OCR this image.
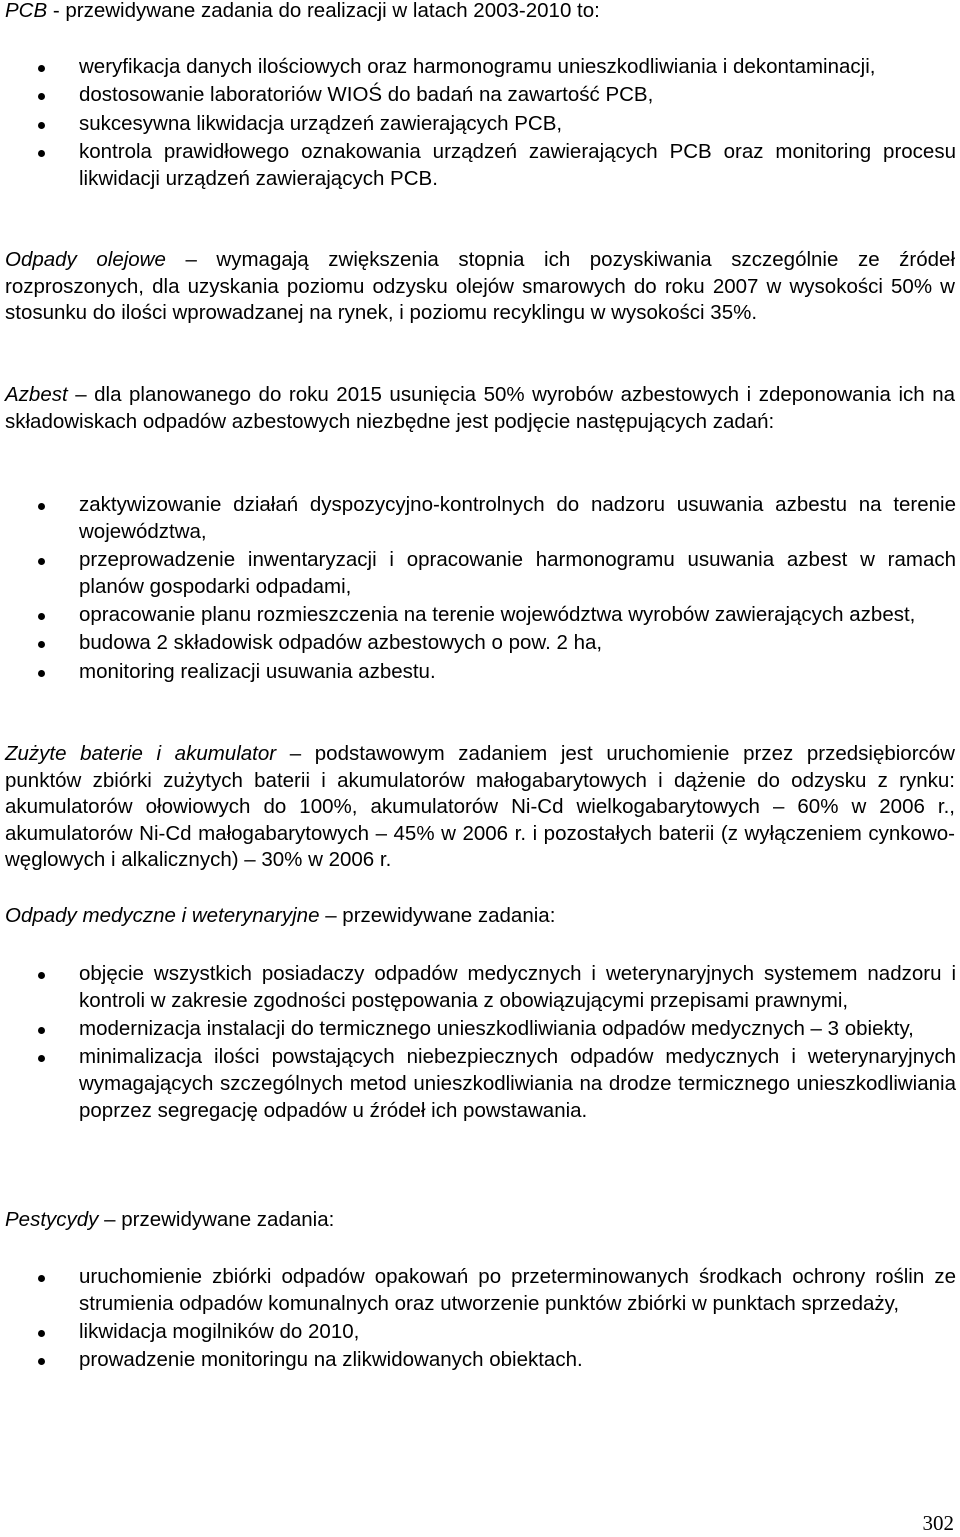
PCB - przewidywane zadania do realizacji w latach 2003-2010 to:

weryfikacja danych ilościowych oraz harmonogramu unieszkodliwiania i dekontaminacji,
dostosowanie laboratoriów WIOŚ do badań na zawartość PCB,
sukcesywna likwidacja urządzeń zawierających PCB,
kontrola prawidłowego oznakowania urządzeń zawierających PCB oraz monitoring procesu likwidacji urządzeń zawierających PCB.

Odpady olejowe – wymagają zwiększenia stopnia ich pozyskiwania szczególnie ze źródeł rozproszonych, dla uzyskania poziomu odzysku olejów smarowych do roku 2007 w wysokości 50% w stosunku do ilości wprowadzanej na rynek, i poziomu recyklingu w wysokości 35%.

Azbest – dla planowanego do roku 2015 usunięcia 50% wyrobów azbestowych i zdeponowania ich na składowiskach odpadów azbestowych niezbędne jest podjęcie następujących zadań:

zaktywizowanie działań dyspozycyjno-kontrolnych do nadzoru usuwania azbestu na terenie województwa,
przeprowadzenie inwentaryzacji i opracowanie harmonogramu usuwania azbest w ramach planów gospodarki odpadami,
opracowanie planu rozmieszczenia na terenie województwa wyrobów zawierających azbest,
budowa 2 składowisk odpadów azbestowych o pow. 2 ha,
monitoring realizacji usuwania azbestu.

Zużyte baterie i akumulator – podstawowym zadaniem jest uruchomienie przez przedsiębiorców punktów zbiórki zużytych baterii i akumulatorów małogabarytowych i dążenie do odzysku z rynku: akumulatorów ołowiowych do 100%, akumulatorów Ni-Cd wielkogabarytowych – 60% w 2006 r., akumulatorów Ni-Cd małogabarytowych – 45% w 2006 r. i pozostałych baterii (z wyłączeniem cynkowo-węglowych i alkalicznych) – 30% w 2006 r.

Odpady medyczne i weterynaryjne – przewidywane zadania:

objęcie wszystkich posiadaczy odpadów medycznych i weterynaryjnych systemem nadzoru i kontroli w zakresie zgodności postępowania z obowiązującymi przepisami prawnymi,
modernizacja instalacji do termicznego unieszkodliwiania odpadów medycznych – 3 obiekty,
minimalizacja ilości powstających niebezpiecznych odpadów medycznych i weterynaryjnych wymagających szczególnych metod unieszkodliwiania na drodze termicznego unieszkodliwiania poprzez segregację odpadów u źródeł ich powstawania.

Pestycydy – przewidywane zadania:

uruchomienie zbiórki odpadów opakowań po przeterminowanych środkach ochrony roślin ze strumienia odpadów komunalnych oraz utworzenie punktów zbiórki w punktach sprzedaży,
likwidacja mogilników do 2010,
prowadzenie monitoringu na zlikwidowanych obiektach.
302
